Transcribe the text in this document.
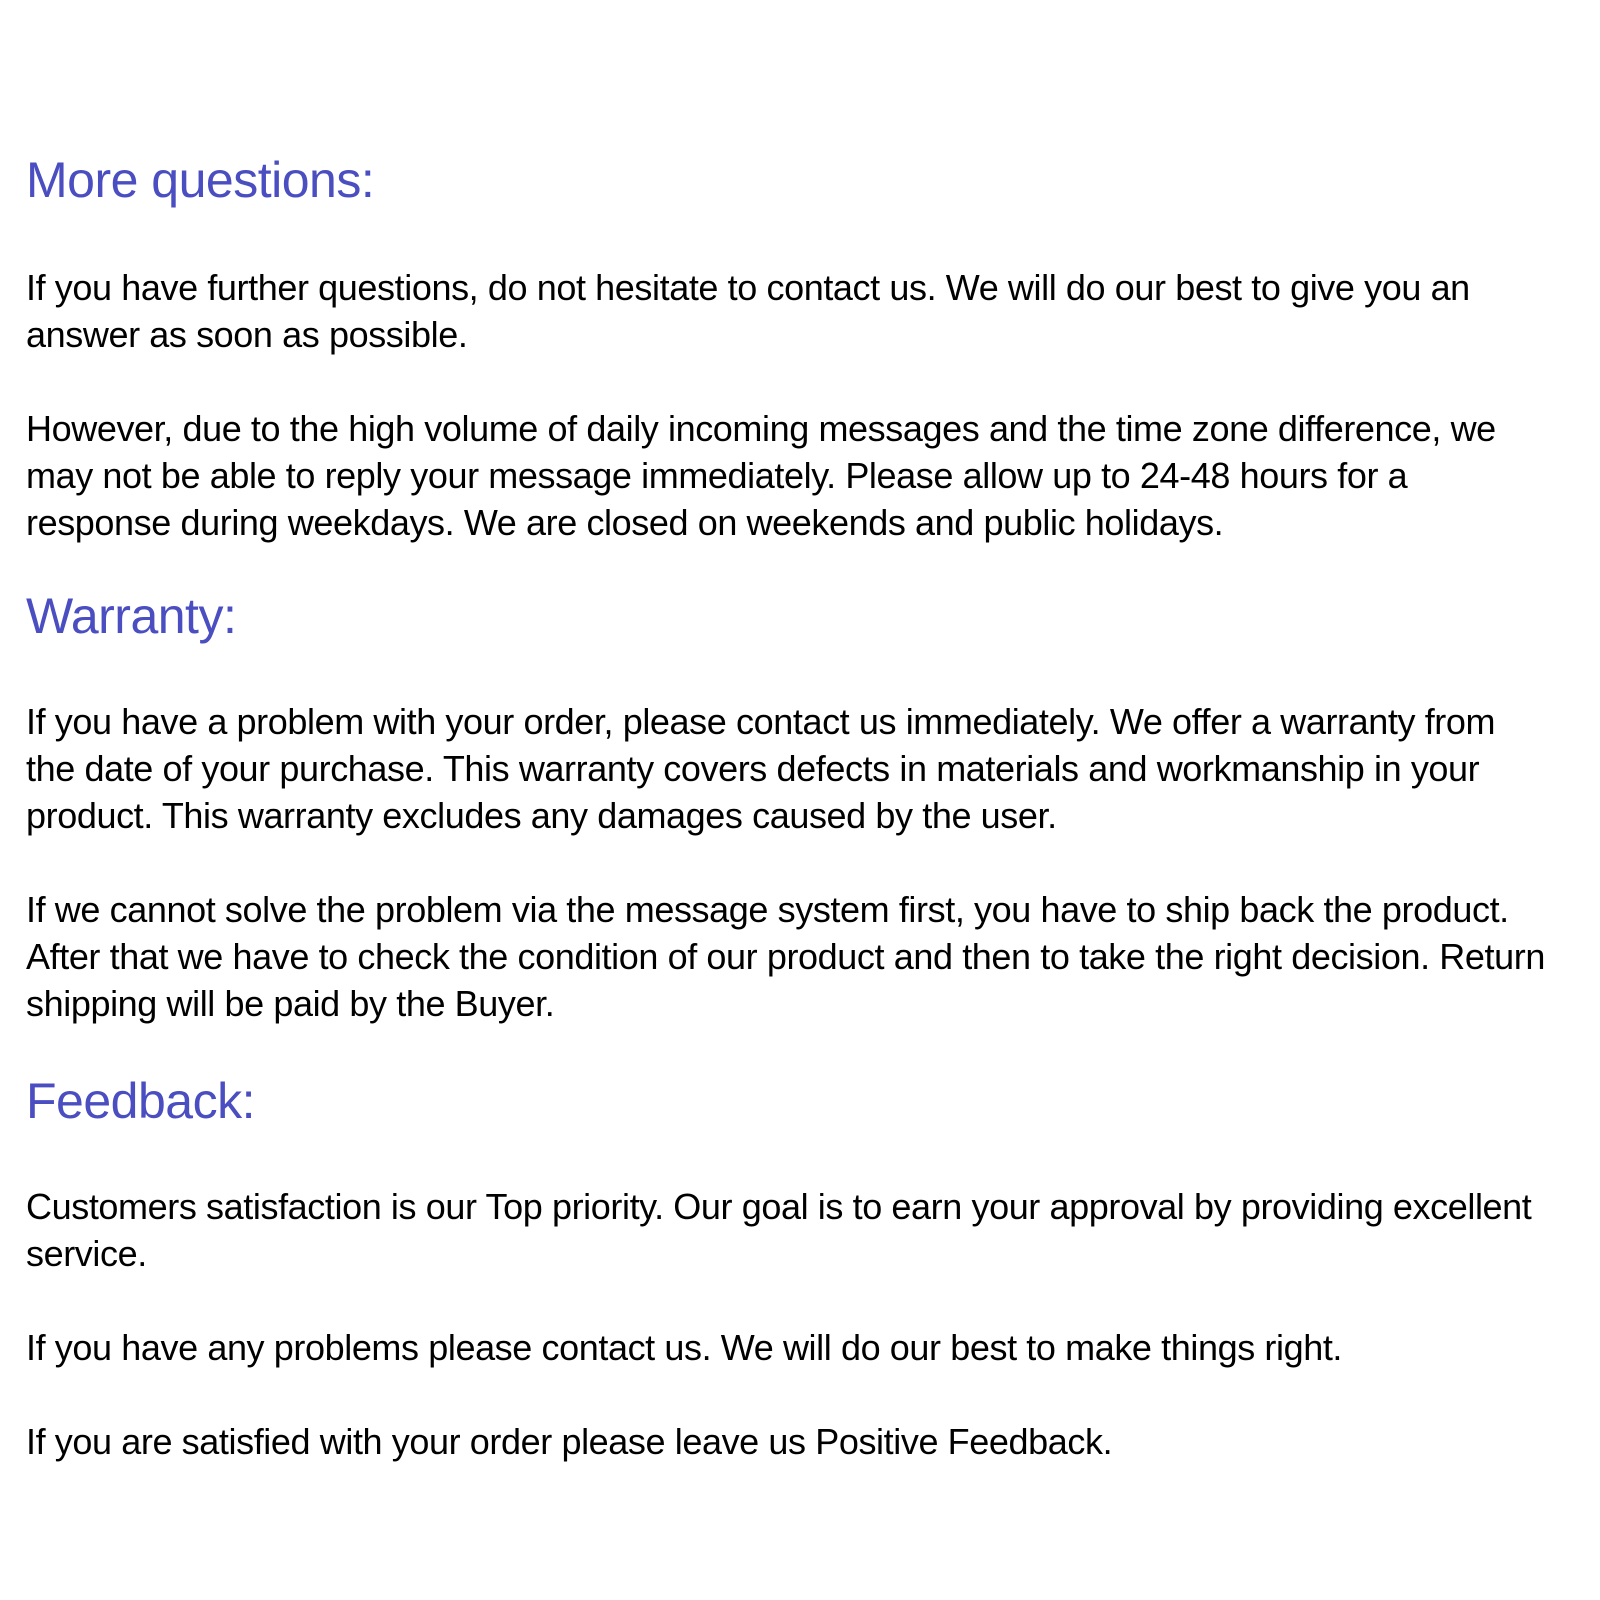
More questions:

If you have further questions, do not hesitate to contact us. We will do our best to give you an answer as soon as possible.

However, due to the high volume of daily incoming messages and the time zone difference, we may not be able to reply your message immediately. Please allow up to 24-48 hours for a response during weekdays. We are closed on weekends and public holidays.

Warranty:

If you have a problem with your order, please contact us immediately. We offer a warranty from the date of your purchase. This warranty covers defects in materials and workmanship in your product. This warranty excludes any damages caused by the user.

If we cannot solve the problem via the message system first, you have to ship back the product. After that we have to check the condition of our product and then to take the right decision. Return shipping will be paid by the Buyer.

Feedback:

Customers satisfaction is our Top priority. Our goal is to earn your approval by providing excellent service.

If you have any problems please contact us. We will do our best to make things right.

If you are satisfied with your order please leave us Positive Feedback.
